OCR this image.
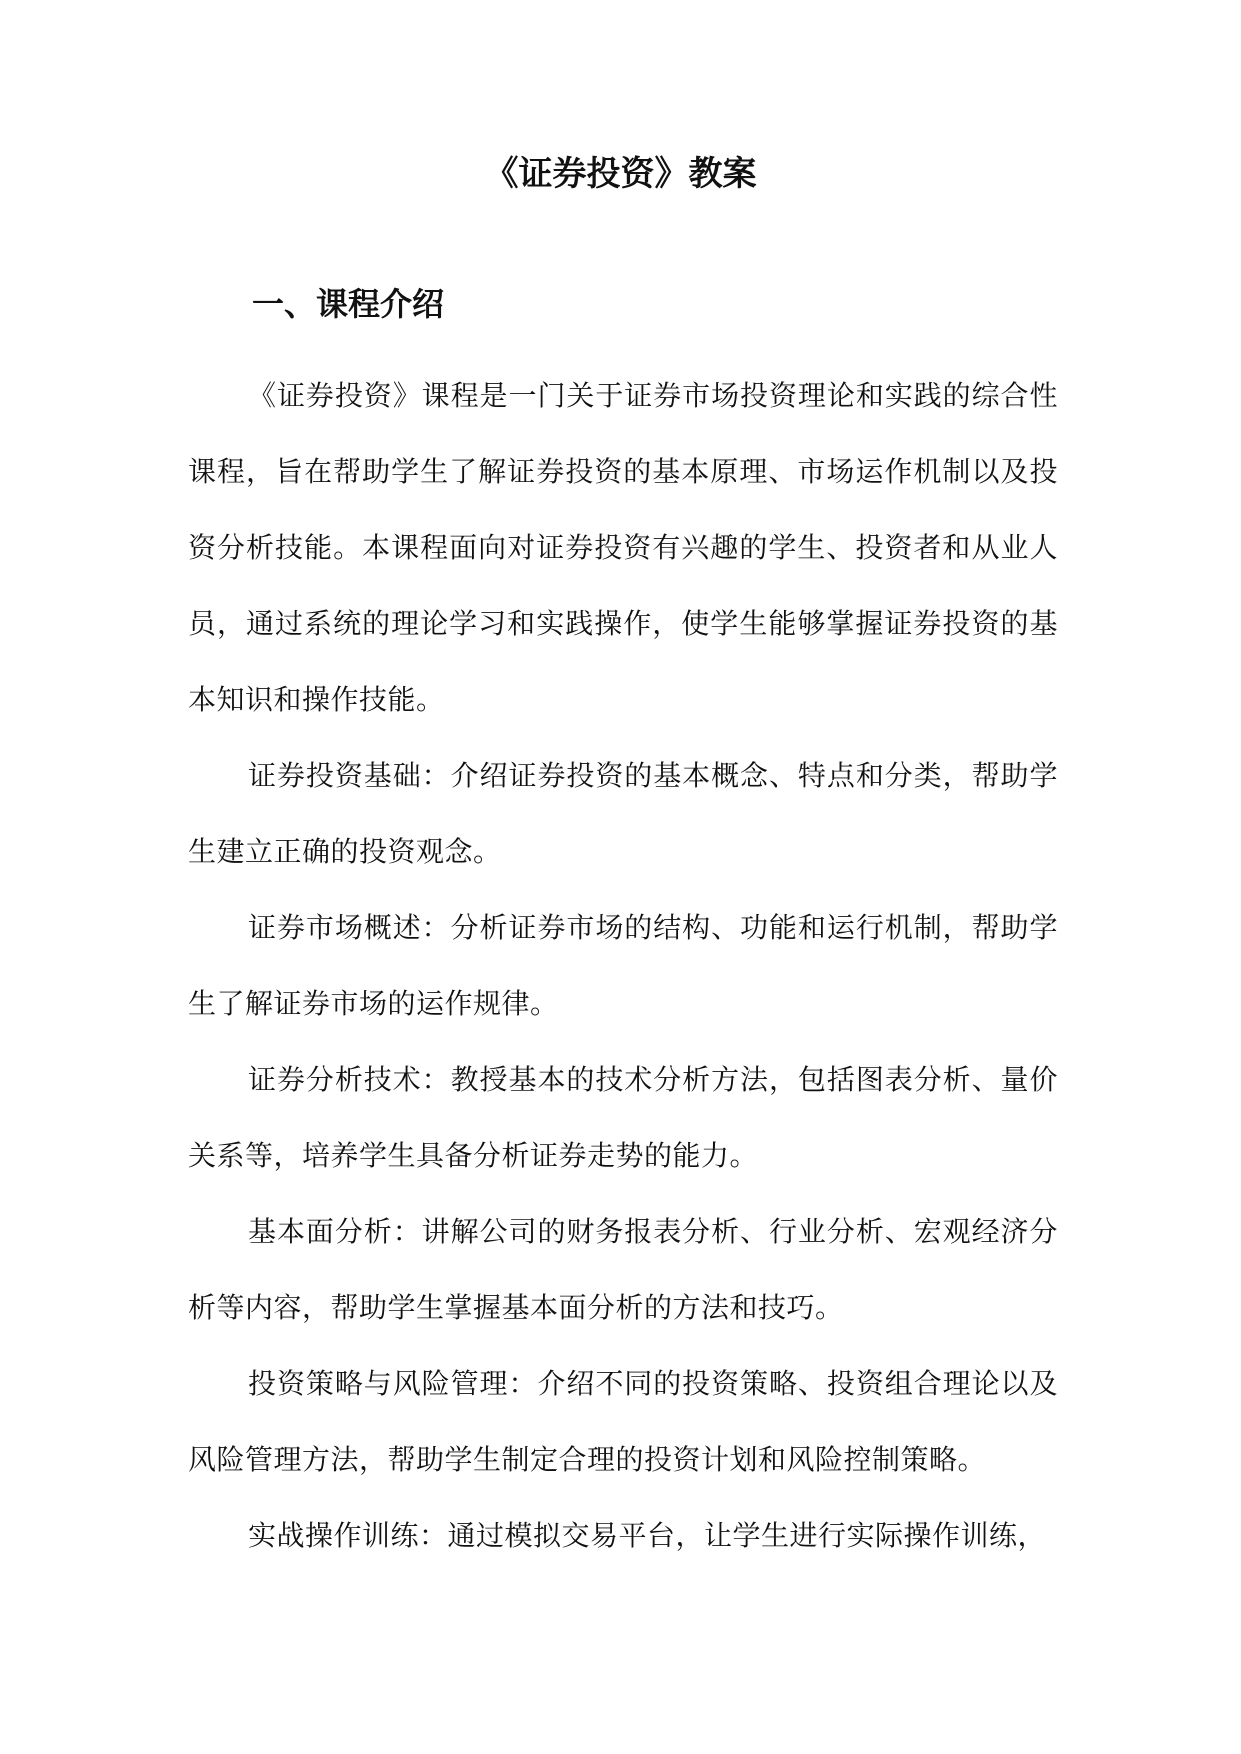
《证券投资》教案
一、课程介绍

《证券投资》课程是一门关于证券市场投资理论和实践的综合性课程，旨在帮助学生了解证券投资的基本原理、市场运作机制以及投资分析技能。本课程面向对证券投资有兴趣的学生、投资者和从业人员，通过系统的理论学习和实践操作，使学生能够掌握证券投资的基本知识和操作技能。

证券投资基础：介绍证券投资的基本概念、特点和分类，帮助学生建立正确的投资观念。

证券市场概述：分析证券市场的结构、功能和运行机制，帮助学生了解证券市场的运作规律。

证券分析技术：教授基本的技术分析方法，包括图表分析、量价关系等，培养学生具备分析证券走势的能力。

基本面分析：讲解公司的财务报表分析、行业分析、宏观经济分析等内容，帮助学生掌握基本面分析的方法和技巧。

投资策略与风险管理：介绍不同的投资策略、投资组合理论以及风险管理方法，帮助学生制定合理的投资计划和风险控制策略。

实战操作训练：通过模拟交易平台，让学生进行实际操作训练，
